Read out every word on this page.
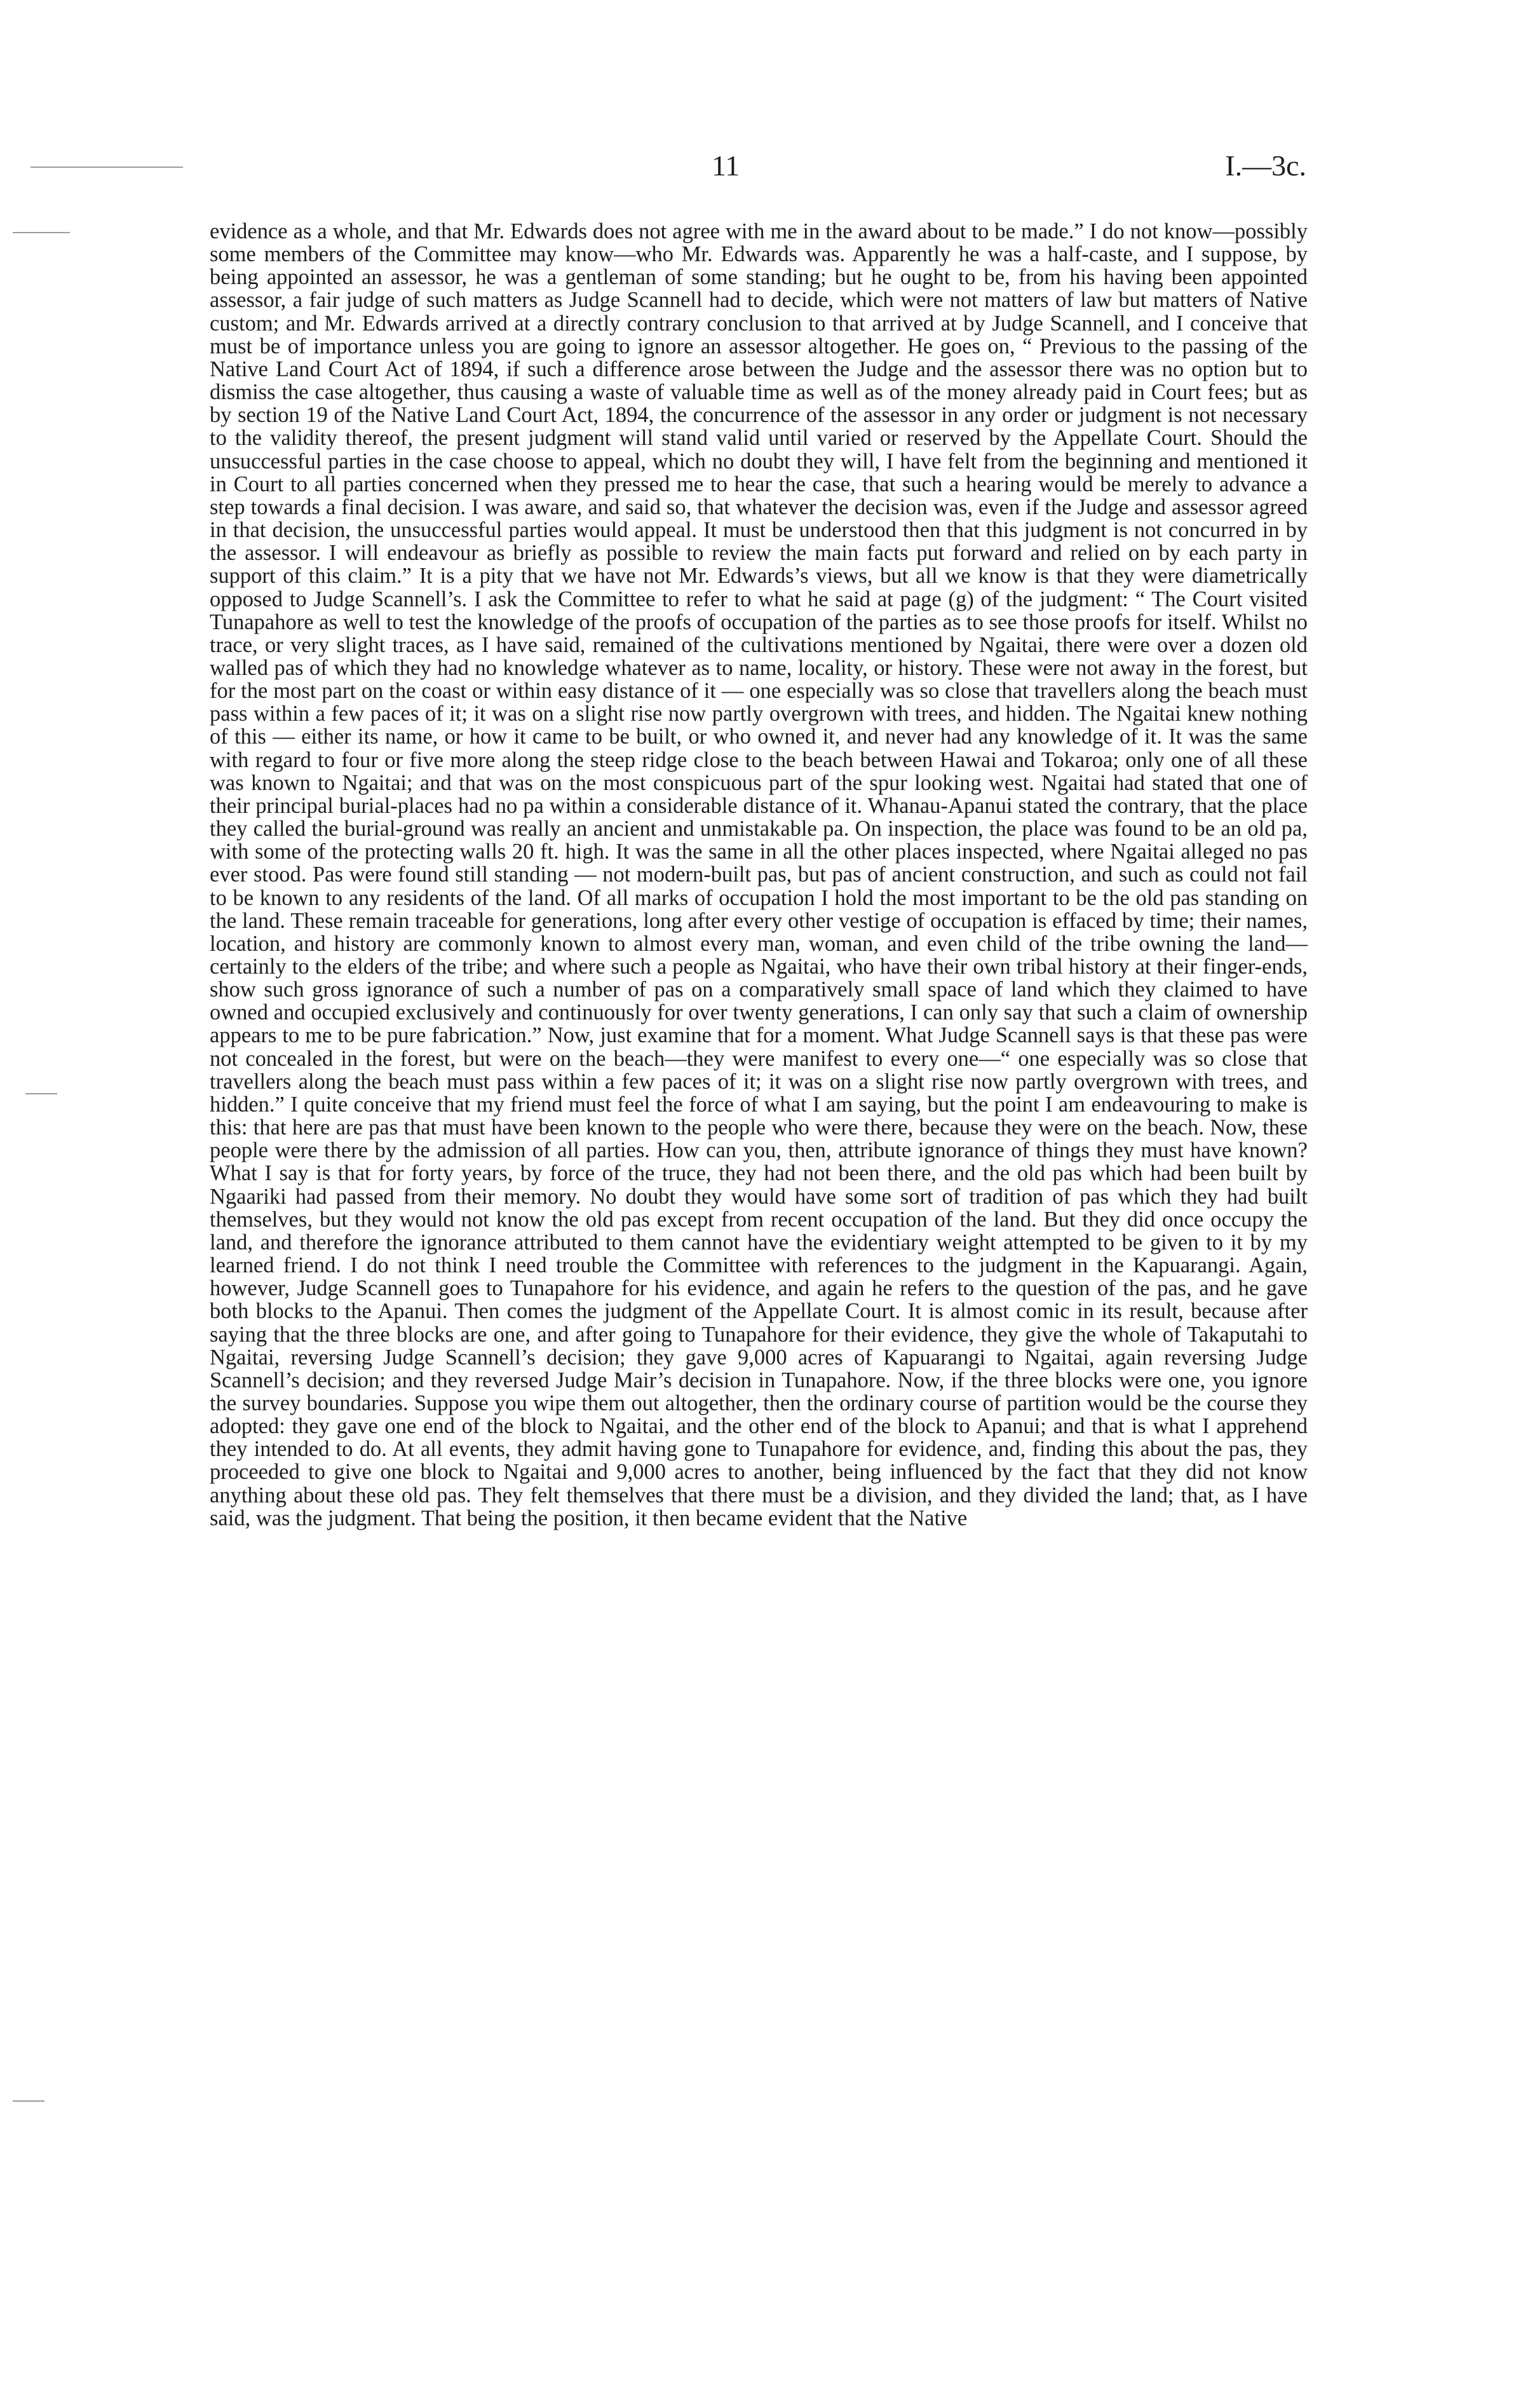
11	I.—3c.

evidence as a whole, and that Mr. Edwards does not agree with me in the award about to be made.” I do not know—possibly some members of the Committee may know—who Mr. Edwards was. Apparently he was a half-caste, and I suppose, by being appointed an assessor, he was a gentleman of some standing; but he ought to be, from his having been appointed assessor, a fair judge of such matters as Judge Scannell had to decide, which were not matters of law but matters of Native custom; and Mr. Edwards arrived at a directly contrary conclusion to that arrived at by Judge Scannell, and I conceive that must be of importance unless you are going to ignore an assessor altogether. He goes on, “ Previous to the passing of the Native Land Court Act of 1894, if such a difference arose between the Judge and the assessor there was no option but to dismiss the case altogether, thus causing a waste of valuable time as well as of the money already paid in Court fees; but as by section 19 of the Native Land Court Act, 1894, the concurrence of the assessor in any order or judgment is not necessary to the validity thereof, the present judgment will stand valid until varied or reserved by the Appellate Court. Should the unsuccessful parties in the case choose to appeal, which no doubt they will, I have felt from the beginning and mentioned it in Court to all parties concerned when they pressed me to hear the case, that such a hearing would be merely to advance a step towards a final decision. I was aware, and said so, that whatever the decision was, even if the Judge and assessor agreed in that decision, the unsuccessful parties would appeal. It must be understood then that this judgment is not concurred in by the assessor. I will endeavour as briefly as possible to review the main facts put forward and relied on by each party in support of this claim.” It is a pity that we have not Mr. Edwards’s views, but all we know is that they were diametrically opposed to Judge Scannell’s. I ask the Committee to refer to what he said at page (g) of the judgment: “ The Court visited Tunapahore as well to test the knowledge of the proofs of occupation of the parties as to see those proofs for itself. Whilst no trace, or very slight traces, as I have said, remained of the cultivations mentioned by Ngaitai, there were over a dozen old walled pas of which they had no knowledge whatever as to name, locality, or history. These were not away in the forest, but for the most part on the coast or within easy distance of it — one especially was so close that travellers along the beach must pass within a few paces of it; it was on a slight rise now partly overgrown with trees, and hidden. The Ngaitai knew nothing of this — either its name, or how it came to be built, or who owned it, and never had any knowledge of it. It was the same with regard to four or five more along the steep ridge close to the beach between Hawai and Tokaroa; only one of all these was known to Ngaitai; and that was on the most conspicuous part of the spur looking west. Ngaitai had stated that one of their principal burial-places had no pa within a considerable distance of it. Whanau-Apanui stated the contrary, that the place they called the burial-ground was really an ancient and unmistakable pa. On inspection, the place was found to be an old pa, with some of the protecting walls 20 ft. high. It was the same in all the other places inspected, where Ngaitai alleged no pas ever stood. Pas were found still standing — not modern-built pas, but pas of ancient construction, and such as could not fail to be known to any residents of the land. Of all marks of occupation I hold the most important to be the old pas standing on the land. These remain traceable for generations, long after every other vestige of occupation is effaced by time; their names, location, and history are commonly known to almost every man, woman, and even child of the tribe owning the land—certainly to the elders of the tribe; and where such a people as Ngaitai, who have their own tribal history at their finger-ends, show such gross ignorance of such a number of pas on a comparatively small space of land which they claimed to have owned and occupied exclusively and continuously for over twenty generations, I can only say that such a claim of ownership appears to me to be pure fabrication.” Now, just examine that for a moment. What Judge Scannell says is that these pas were not concealed in the forest, but were on the beach—they were manifest to every one—“ one especially was so close that travellers along the beach must pass within a few paces of it; it was on a slight rise now partly overgrown with trees, and hidden.” I quite conceive that my friend must feel the force of what I am saying, but the point I am endeavouring to make is this: that here are pas that must have been known to the people who were there, because they were on the beach. Now, these people were there by the admission of all parties. How can you, then, attribute ignorance of things they must have known? What I say is that for forty years, by force of the truce, they had not been there, and the old pas which had been built by Ngaariki had passed from their memory. No doubt they would have some sort of tradition of pas which they had built themselves, but they would not know the old pas except from recent occupation of the land. But they did once occupy the land, and therefore the ignorance attributed to them cannot have the evidentiary weight attempted to be given to it by my learned friend. I do not think I need trouble the Committee with references to the judgment in the Kapuarangi. Again, however, Judge Scannell goes to Tunapahore for his evidence, and again he refers to the question of the pas, and he gave both blocks to the Apanui. Then comes the judgment of the Appellate Court. It is almost comic in its result, because after saying that the three blocks are one, and after going to Tunapahore for their evidence, they give the whole of Takaputahi to Ngaitai, reversing Judge Scannell’s decision; they gave 9,000 acres of Kapuarangi to Ngaitai, again reversing Judge Scannell’s decision; and they reversed Judge Mair’s decision in Tunapahore. Now, if the three blocks were one, you ignore the survey boundaries. Suppose you wipe them out altogether, then the ordinary course of partition would be the course they adopted: they gave one end of the block to Ngaitai, and the other end of the block to Apanui; and that is what I apprehend they intended to do. At all events, they admit having gone to Tunapahore for evidence, and, finding this about the pas, they proceeded to give one block to Ngaitai and 9,000 acres to another, being influenced by the fact that they did not know anything about these old pas. They felt themselves that there must be a division, and they divided the land; that, as I have said, was the judgment. That being the position, it then became evident that the Native
